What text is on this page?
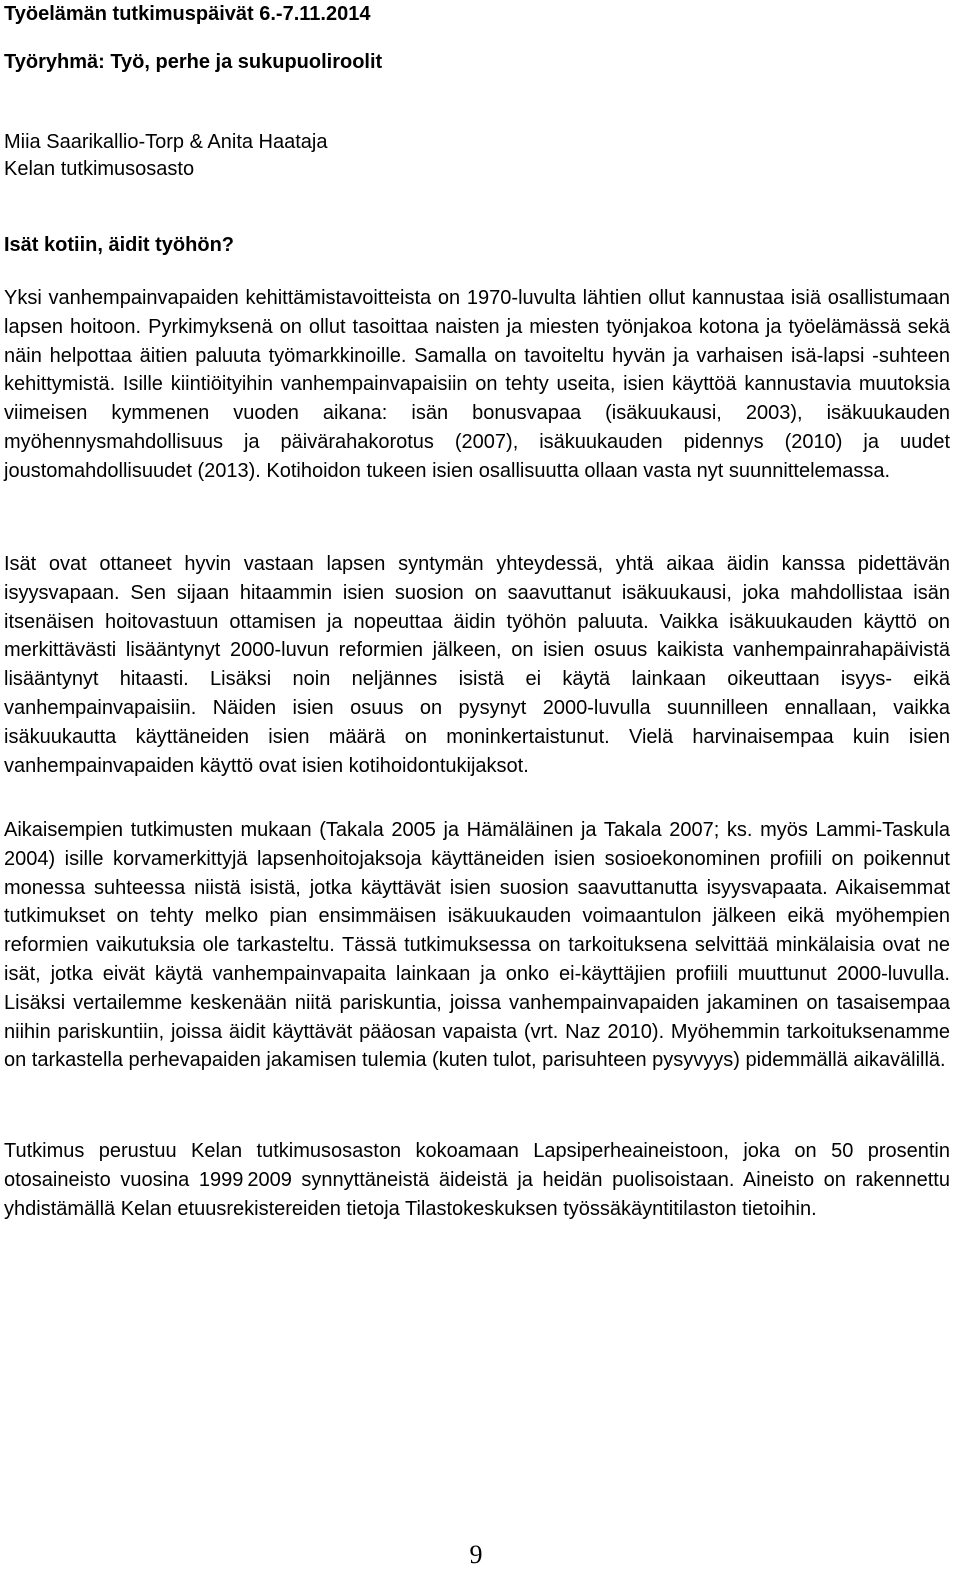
Työelämän tutkimuspäivät 6.-7.11.2014

Työryhmä: Työ, perhe ja sukupuoliroolit

Miia Saarikallio-Torp & Anita Haataja

Kelan tutkimusosasto

Isät kotiin, äidit työhön?

Yksi vanhempainvapaiden kehittämistavoitteista on 1970-luvulta lähtien ollut kannustaa isiä osallistumaan lapsen hoitoon. Pyrkimyksenä on ollut tasoittaa naisten ja miesten työnjakoa kotona ja työelämässä sekä näin helpottaa äitien paluuta työmarkkinoille. Samalla on tavoiteltu hyvän ja varhaisen isä-lapsi -suhteen kehittymistä. Isille kiintiöityihin vanhempainvapaisiin on tehty useita, isien käyttöä kannustavia muutoksia viimeisen kymmenen vuoden aikana: isän bonusvapaa (isäkuukausi, 2003), isäkuukauden myöhennysmahdollisuus ja päivärahakorotus (2007), isäkuukauden pidennys (2010) ja uudet joustomahdollisuudet (2013). Kotihoidon tukeen isien osallisuutta ollaan vasta nyt suunnittelemassa.

Isät ovat ottaneet hyvin vastaan lapsen syntymän yhteydessä, yhtä aikaa äidin kanssa pidettävän isyysvapaan. Sen sijaan hitaammin isien suosion on saavuttanut isäkuukausi, joka mahdollistaa isän itsenäisen hoitovastuun ottamisen ja nopeuttaa äidin työhön paluuta. Vaikka isäkuukauden käyttö on merkittävästi lisääntynyt 2000-luvun reformien jälkeen, on isien osuus kaikista vanhempainrahapäivistä lisääntynyt hitaasti. Lisäksi noin neljännes isistä ei käytä lainkaan oikeuttaan isyys- eikä vanhempainvapaisiin. Näiden isien osuus on pysynyt 2000-luvulla suunnilleen ennallaan, vaikka isäkuukautta käyttäneiden isien määrä on moninkertaistunut. Vielä harvinaisempaa kuin isien vanhempainvapaiden käyttö ovat isien kotihoidontukijaksot.

Aikaisempien tutkimusten mukaan (Takala 2005 ja Hämäläinen ja Takala 2007; ks. myös Lammi-Taskula 2004) isille korvamerkittyjä lapsenhoitojaksoja käyttäneiden isien sosioekonominen profiili on poikennut monessa suhteessa niistä isistä, jotka käyttävät isien suosion saavuttanutta isyysvapaata. Aikaisemmat tutkimukset on tehty melko pian ensimmäisen isäkuukauden voimaantulon jälkeen eikä myöhempien reformien vaikutuksia ole tarkasteltu. Tässä tutkimuksessa on tarkoituksena selvittää minkälaisia ovat ne isät, jotka eivät käytä vanhempainvapaita lainkaan ja onko ei-käyttäjien profiili muuttunut 2000-luvulla. Lisäksi vertailemme keskenään niitä pariskuntia, joissa vanhempainvapaiden jakaminen on tasaisempaa niihin pariskuntiin, joissa äidit käyttävät pääosan vapaista (vrt. Naz 2010). Myöhemmin tarkoituksenamme on tarkastella perhevapaiden jakamisen tulemia (kuten tulot, parisuhteen pysyvyys) pidemmällä aikavälillä.

Tutkimus perustuu Kelan tutkimusosaston kokoamaan Lapsiperheaineistoon, joka on 50 prosentin otosaineisto vuosina 1999 2009 synnyttäneistä äideistä ja heidän puolisoistaan. Aineisto on rakennettu yhdistämällä Kelan etuusrekistereiden tietoja Tilastokeskuksen työssäkäyntitilaston tietoihin.

9
